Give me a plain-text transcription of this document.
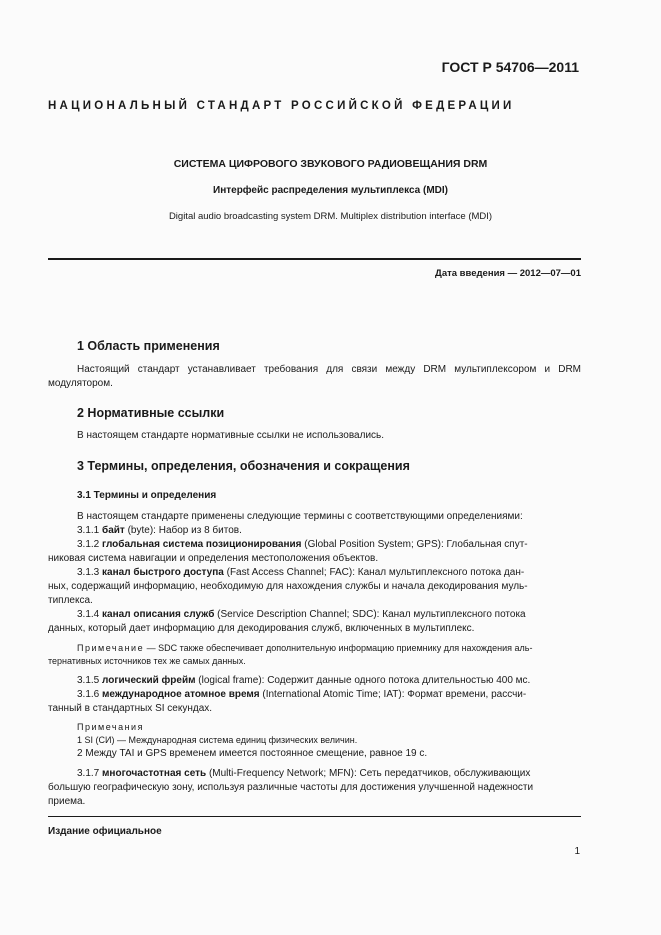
ГОСТ Р 54706—2011
НАЦИОНАЛЬНЫЙ СТАНДАРТ РОССИЙСКОЙ ФЕДЕРАЦИИ
СИСТЕМА ЦИФРОВОГО ЗВУКОВОГО РАДИОВЕЩАНИЯ DRM
Интерфейс распределения мультиплекса (MDI)
Digital audio broadcasting system DRM. Multiplex distribution interface (MDI)
Дата введения — 2012—07—01
1 Область применения
Настоящий стандарт устанавливает требования для связи между DRM мультиплексором и DRM модулятором.
2 Нормативные ссылки
В настоящем стандарте нормативные ссылки не использовались.
3 Термины, определения, обозначения и сокращения
3.1 Термины и определения
В настоящем стандарте применены следующие термины с соответствующими определениями:
3.1.1 байт (byte): Набор из 8 битов.
3.1.2 глобальная система позиционирования (Global Position System; GPS): Глобальная спут-
никовая система навигации и определения местоположения объектов.
3.1.3 канал быстрого доступа (Fast Access Channel; FAC): Канал мультиплексного потока дан-
ных, содержащий информацию, необходимую для нахождения службы и начала декодирования муль-
типлекса.
3.1.4 канал описания служб (Service Description Channel; SDC): Канал мультиплексного потока
данных, который дает информацию для декодирования служб, включенных в мультиплекс.
Примечание — SDC также обеспечивает дополнительную информацию приемнику для нахождения аль-
тернативных источников тех же самых данных.
3.1.5 логический фрейм (logical frame): Содержит данные одного потока длительностью 400 мс.
3.1.6 международное атомное время (International Atomic Time; IAT): Формат времени, рассчи-
танный в стандартных SI секундах.
Примечания
1 SI (СИ) — Международная система единиц физических величин.
2 Между TAI и GPS временем имеется постоянное смещение, равное 19 с.
3.1.7 многочастотная сеть (Multi-Frequency Network; MFN): Сеть передатчиков, обслуживающих
большую географическую зону, используя различные частоты для достижения улучшенной надежности
приема.
Издание официальное
1
